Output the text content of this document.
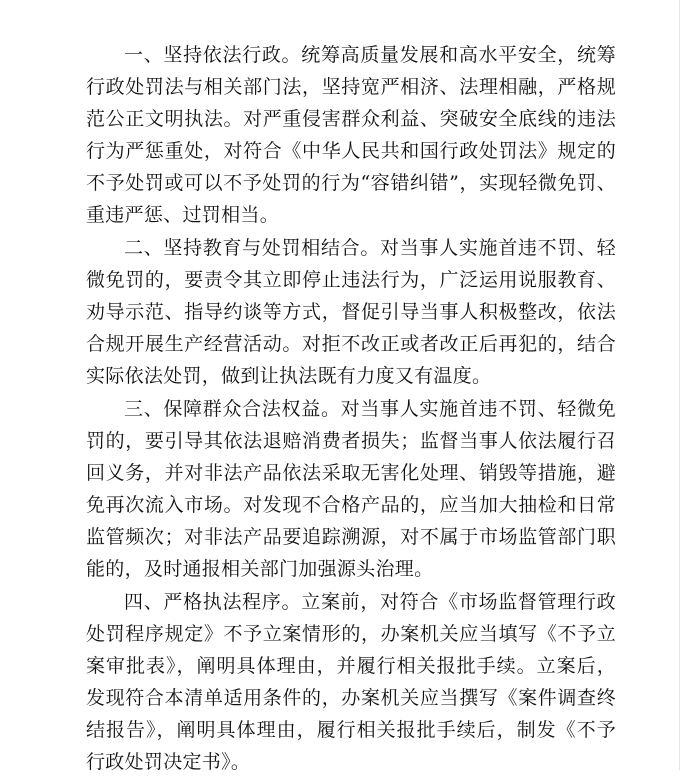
一、坚持依法行政。统筹高质量发展和高水平安全，统筹行政处罚法与相关部门法，坚持宽严相济、法理相融，严格规范公正文明执法。对严重侵害群众利益、突破安全底线的违法行为严惩重处，对符合《中华人民共和国行政处罚法》规定的不予处罚或可以不予处罚的行为“容错纠错”，实现轻微免罚、重违严惩、过罚相当。

二、坚持教育与处罚相结合。对当事人实施首违不罚、轻微免罚的，要责令其立即停止违法行为，广泛运用说服教育、劝导示范、指导约谈等方式，督促引导当事人积极整改，依法合规开展生产经营活动。对拒不改正或者改正后再犯的，结合实际依法处罚，做到让执法既有力度又有温度。

三、保障群众合法权益。对当事人实施首违不罚、轻微免罚的，要引导其依法退赔消费者损失；监督当事人依法履行召回义务，并对非法产品依法采取无害化处理、销毁等措施，避免再次流入市场。对发现不合格产品的，应当加大抽检和日常监管频次；对非法产品要追踪溯源，对不属于市场监管部门职能的，及时通报相关部门加强源头治理。

四、严格执法程序。立案前，对符合《市场监督管理行政处罚程序规定》不予立案情形的，办案机关应当填写《不予立案审批表》，阐明具体理由，并履行相关报批手续。立案后，发现符合本清单适用条件的，办案机关应当撰写《案件调查终结报告》，阐明具体理由，履行相关报批手续后，制发《不予行政处罚决定书》。
